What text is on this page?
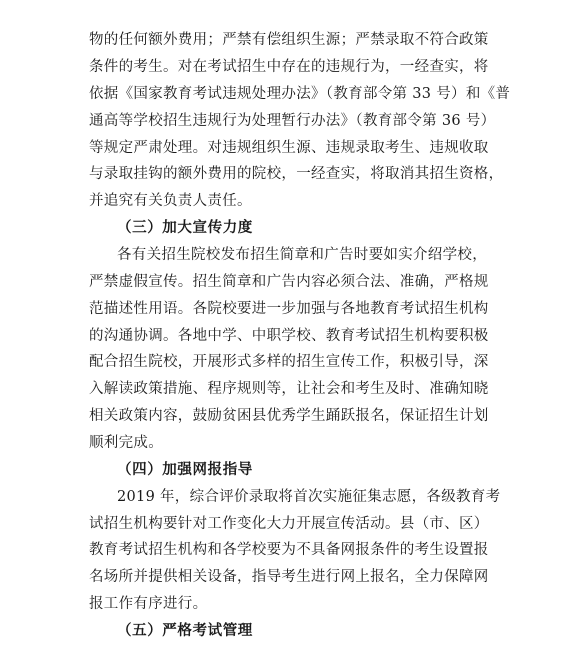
物的任何额外费用；严禁有偿组织生源；严禁录取不符合政策
条件的考生。对在考试招生中存在的违规行为，一经查实，将
依据《国家教育考试违规处理办法》（教育部令第 33 号）和《普
通高等学校招生违规行为处理暂行办法》（教育部令第 36 号）
等规定严肃处理。对违规组织生源、违规录取考生、违规收取
与录取挂钩的额外费用的院校，一经查实，将取消其招生资格，
并追究有关负责人责任。
（三）加大宣传力度
各有关招生院校发布招生简章和广告时要如实介绍学校，
严禁虚假宣传。招生简章和广告内容必须合法、准确，严格规
范描述性用语。各院校要进一步加强与各地教育考试招生机构
的沟通协调。各地中学、中职学校、教育考试招生机构要积极
配合招生院校，开展形式多样的招生宣传工作，积极引导，深
入解读政策措施、程序规则等，让社会和考生及时、准确知晓
相关政策内容，鼓励贫困县优秀学生踊跃报名，保证招生计划
顺利完成。
（四）加强网报指导
2019 年，综合评价录取将首次实施征集志愿，各级教育考
试招生机构要针对工作变化大力开展宣传活动。县（市、区）
教育考试招生机构和各学校要为不具备网报条件的考生设置报
名场所并提供相关设备，指导考生进行网上报名，全力保障网
报工作有序进行。
（五）严格考试管理
